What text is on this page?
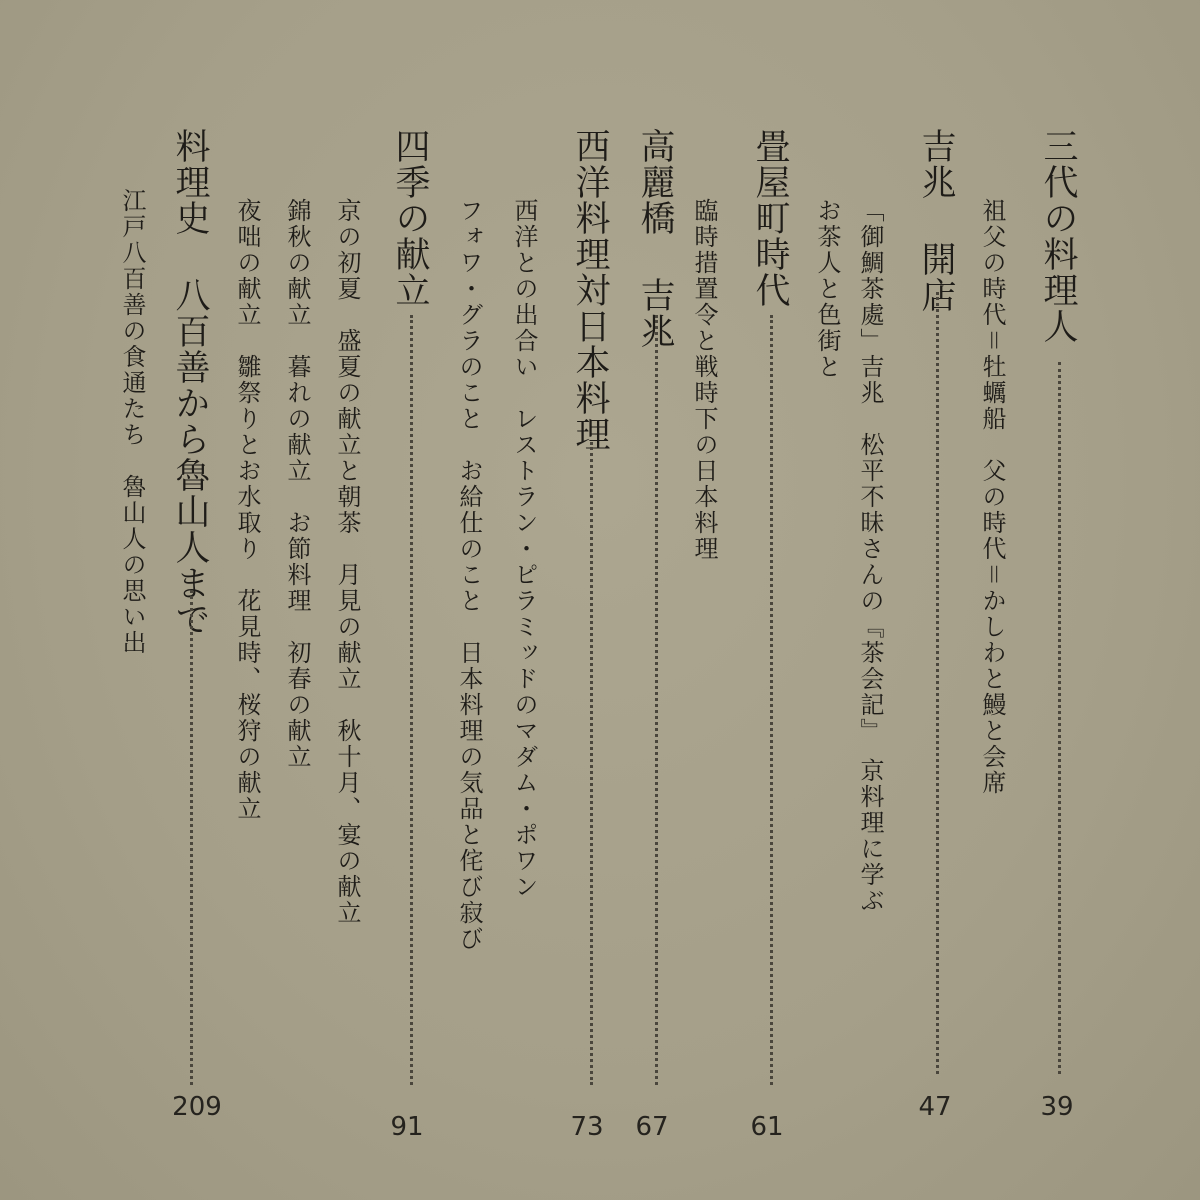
三代の料理人
39
祖父の時代＝牡蠣船　父の時代＝かしわと鰻と会席
吉兆 開店
47
「御鯛茶處」吉兆　松平不昧さんの『茶会記』　京料理に学ぶ
お茶人と色街と
畳屋町時代
61
臨時措置令と戦時下の日本料理
高麗橋 吉兆
67
西洋料理対日本料理
73
西洋との出合い　レストラン・ピラミッドのマダム・ポワン
フォワ・グラのこと　お給仕のこと　日本料理の気品と侘び寂び
四季の献立
91
京の初夏　盛夏の献立と朝茶　月見の献立　秋十月、宴の献立
錦秋の献立　暮れの献立　お節料理　初春の献立
夜咄の献立　雛祭りとお水取り　花見時、桜狩の献立
料理史 八百善から魯山人まで
209
江戸八百善の食通たち　魯山人の思い出
